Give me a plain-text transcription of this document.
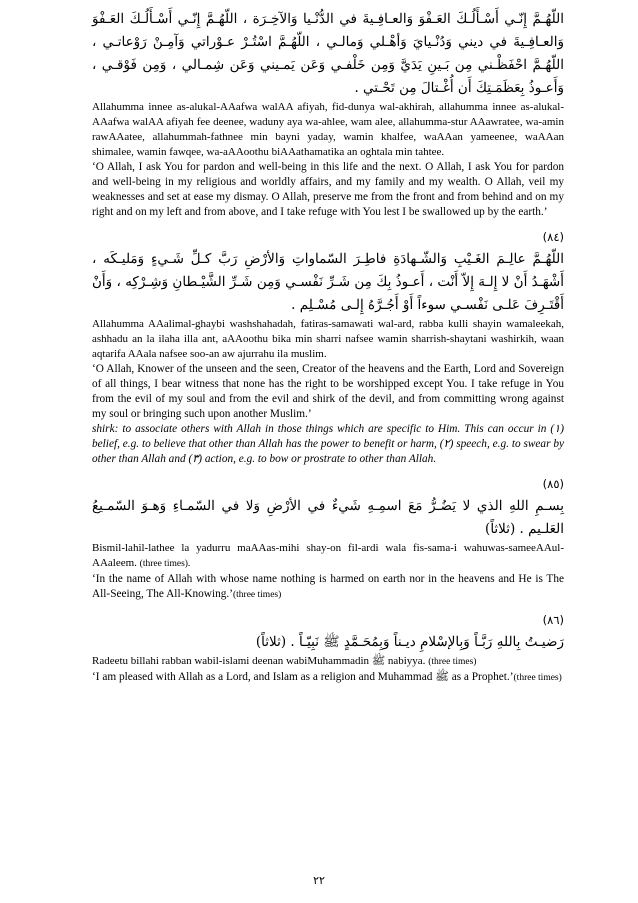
اللّهُـمَّ إِنّـي أَسْـأَلُـكَ العَـفْوَ وَالعـافِـيةَ في الدُّنْـيا وَالآخِـرَة ، اللّهُـمَّ إِنّـي أَسْـأَلُـكَ العَـفْوَ وَالعـافِـيةَ في ديني وَدُنْـيايَ وَأهْـلي وَمالـي ، اللّهُـمَّ اسْتُـرْ عـوْراتي وَآمِـنْ رَوْعاتـي ، اللّهُـمَّ احْفَظْـني مِن بَـينِ يَدَيَّ وَمِن خَلْفـي وَعَن يَمـيني وَعَن شِمـالي ، وَمِن فَوْقـي ، وَأَعـوذُ بِعَظَمَـتِكَ أَن أُغْـتالَ مِن تَحْـتي .

Allahumma innee as-alukal-AAafwa walAA afiyah, fid-dunya wal-akhirah, allahumma innee as-alukal-AAafwa walAA afiyah fee deenee, waduny aya wa-ahlee, wam alee, allahumma-stur AAawratee, wa-amin rawAAatee, allahummah-fathnee min bayni yaday, wamin khalfee, waAAan yameenee, waAAan shimalee, wamin fawqee, wa-aAAoothu biAAathamatika an oghtala min tahtee.

‘O Allah, I ask You for pardon and well-being in this life and the next. O Allah, I ask You for pardon and well-being in my religious and worldly affairs, and my family and my wealth. O Allah, veil my weaknesses and set at ease my dismay. O Allah, preserve me from the front and from behind and on my right and on my left and from above, and I take refuge with You lest I be swallowed up by the earth.’

(٨٤)

اللّهُـمَّ عالِـمَ الغَـيْبِ وَالشّـهادَةِ فاطِـرَ السّماواتِ وَالأرْضِ رَبَّ كـلِّ شَـيءٍ وَمَليـكَه ، أَشْهَـدُ أَنْ لا إِلـهَ إِلاّ أَنْت ، أَعـوذُ بِكَ مِن شَـرِّ نَفْسـي وَمِن شَـرِّ الشَّيْـطانِ وَشِـرْكِه ، وَأَنْ أَقْتَـرِفَ عَلـى نَفْسـي سوءاً أَوْ أَجُـرَّهُ إِلـى مُسْـلِم .

Allahumma AAalimal-ghaybi washshahadah, fatiras-samawati wal-ard, rabba kulli shayin wamaleekah, ashhadu an la ilaha illa ant, aAAoothu bika min sharri nafsee wamin sharrish-shaytani washirkih, waan aqtarifa AAala nafsee soo-an aw ajurrahu ila muslim.

‘O Allah, Knower of the unseen and the seen, Creator of the heavens and the Earth, Lord and Sovereign of all things, I bear witness that none has the right to be worshipped except You. I take refuge in You from the evil of my soul and from the evil and shirk of the devil, and from committing wrong against my soul or bringing such upon another Muslim.’

shirk: to associate others with Allah in those things which are specific to Him. This can occur in (١) belief, e.g. to believe that other than Allah has the power to benefit or harm, (٢) speech, e.g. to swear by other than Allah and (٣) action, e.g. to bow or prostrate to other than Allah.

(٨٥)

بِسـمِ اللهِ الذي لا يَضُـرُّ مَعَ اسمِـهِ شَيءٌ في الأرْضِ وَلا في السّمـاءِ وَهـوَ السّمـيعُ العَلـيم . (ثلاثاً)

Bismil-lahil-lathee la yadurru maAAas-mihi shay-on fil-ardi wala fis-sama-i wahuwas-sameeAAul-AAaleem. (three times).

‘In the name of Allah with whose name nothing is harmed on earth nor in the heavens and He is The All-Seeing, The All-Knowing.’(three times)

(٨٦)

رَضيـتُ بِاللهِ رَبَّـاً وَبِالإسْلامِ ديـناً وَبِمُحَـمَّدٍ ﷺ نَبِيّـاً . (ثلاثاً)

Radeetu billahi rabban wabil-islami deenan wabiMuhammadin ﷺ nabiyya. (three times)

‘I am pleased with Allah as a Lord, and Islam as a religion and Muhammad ﷺ as a Prophet.’(three times)

٢٢
